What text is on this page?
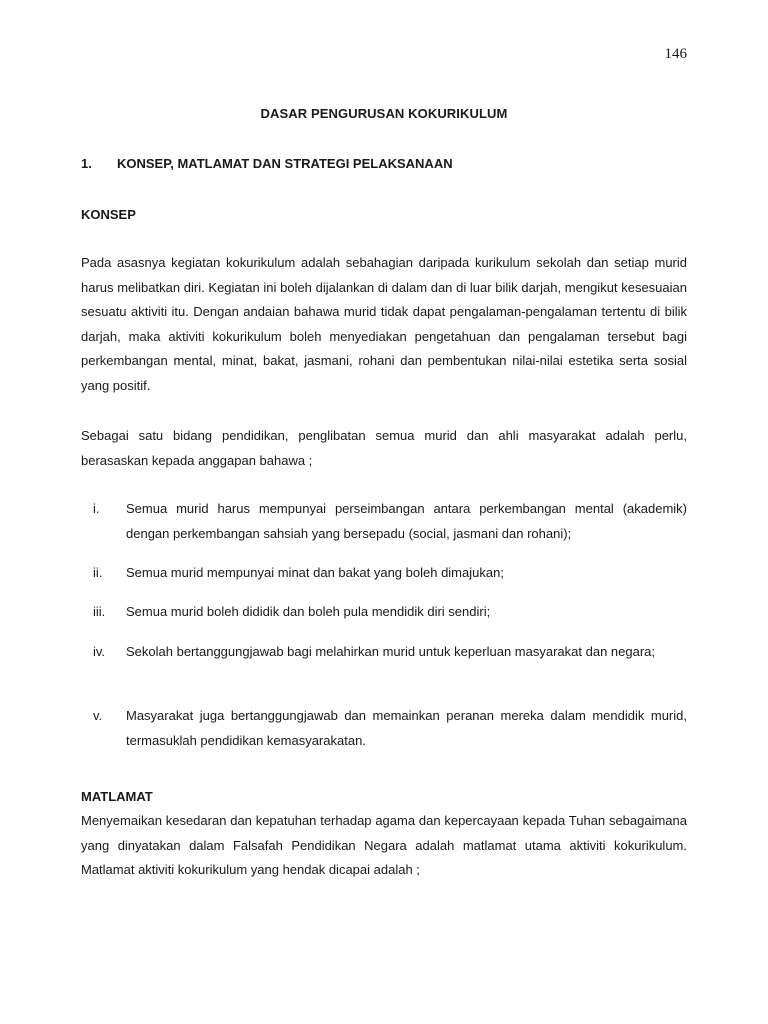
146
DASAR PENGURUSAN KOKURIKULUM
1. KONSEP, MATLAMAT DAN STRATEGI PELAKSANAAN
KONSEP
Pada asasnya kegiatan kokurikulum adalah sebahagian daripada kurikulum sekolah dan setiap murid harus melibatkan diri. Kegiatan ini boleh dijalankan di dalam dan di luar bilik darjah, mengikut kesesuaian sesuatu aktiviti itu. Dengan andaian bahawa murid tidak dapat pengalaman-pengalaman tertentu di bilik darjah, maka aktiviti kokurikulum boleh menyediakan pengetahuan dan pengalaman tersebut bagi perkembangan mental, minat, bakat, jasmani, rohani dan pembentukan nilai-nilai estetika serta sosial yang positif.
Sebagai satu bidang pendidikan, penglibatan semua murid dan ahli masyarakat adalah perlu, berasaskan kepada anggapan bahawa ;
i. Semua murid harus mempunyai perseimbangan antara perkembangan mental (akademik) dengan perkembangan sahsiah yang bersepadu (social, jasmani dan rohani);
ii. Semua murid mempunyai minat dan bakat yang boleh dimajukan;
iii. Semua murid boleh dididik dan boleh pula mendidik diri sendiri;
iv. Sekolah bertanggungjawab bagi melahirkan murid untuk keperluan masyarakat dan negara;
v. Masyarakat juga bertanggungjawab dan memainkan peranan mereka dalam mendidik murid, termasuklah pendidikan kemasyarakatan.
MATLAMAT
Menyemaikan kesedaran dan kepatuhan terhadap agama dan kepercayaan kepada Tuhan sebagaimana yang dinyatakan dalam Falsafah Pendidikan Negara adalah matlamat utama aktiviti kokurikulum. Matlamat aktiviti kokurikulum yang hendak dicapai adalah ;
